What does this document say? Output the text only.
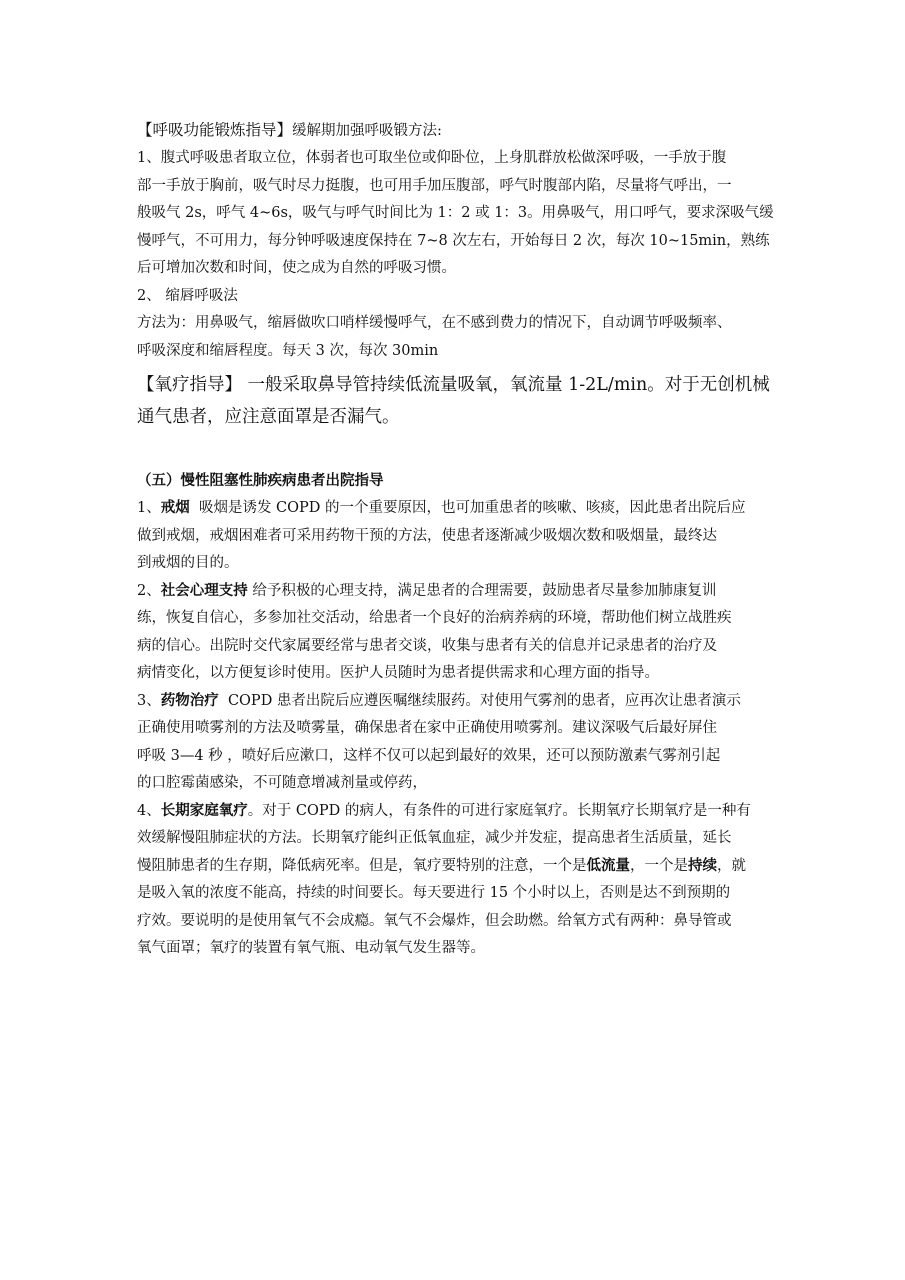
【呼吸功能锻炼指导】缓解期加强呼吸锻方法:
1、腹式呼吸患者取立位，体弱者也可取坐位或仰卧位，上身肌群放松做深呼吸，一手放于腹
部一手放于胸前，吸气时尽力挺腹，也可用手加压腹部，呼气时腹部内陷，尽量将气呼出，一
般吸气 2s，呼气 4~6s，吸气与呼气时间比为 1：2 或 1：3。用鼻吸气，用口呼气，要求深吸气缓
慢呼气，不可用力，每分钟呼吸速度保持在 7~8 次左右，开始每日 2 次，每次 10~15min，熟练
后可增加次数和时间，使之成为自然的呼吸习惯。
2、 缩唇呼吸法
方法为：用鼻吸气，缩唇做吹口哨样缓慢呼气，在不感到费力的情况下，自动调节呼吸频率、
呼吸深度和缩唇程度。每天 3 次，每次 30min
【氧疗指导】 一般采取鼻导管持续低流量吸氧，氧流量 1-2L/min。对于无创机械
通气患者，应注意面罩是否漏气。
（五）慢性阻塞性肺疾病患者出院指导
1、戒烟  吸烟是诱发 COPD 的一个重要原因，也可加重患者的咳嗽、咳痰，因此患者出院后应
做到戒烟，戒烟困难者可采用药物干预的方法，使患者逐渐减少吸烟次数和吸烟量，最终达
到戒烟的目的。
2、社会心理支持 给予积极的心理支持，满足患者的合理需要，鼓励患者尽量参加肺康复训
练，恢复自信心，多参加社交活动，给患者一个良好的治病养病的环境，帮助他们树立战胜疾
病的信心。出院时交代家属要经常与患者交谈，收集与患者有关的信息并记录患者的治疗及
病情变化，以方便复诊时使用。医护人员随时为患者提供需求和心理方面的指导。
3、药物治疗  COPD 患者出院后应遵医嘱继续服药。对使用气雾剂的患者，应再次让患者演示
正确使用喷雾剂的方法及喷雾量，确保患者在家中正确使用喷雾剂。建议深吸气后最好屏住
呼吸 3—4 秒 ，喷好后应漱口，这样不仅可以起到最好的效果，还可以预防激素气雾剂引起
的口腔霉菌感染，不可随意增减剂量或停药，
4、长期家庭氧疗。对于 COPD 的病人，有条件的可进行家庭氧疗。长期氧疗长期氧疗是一种有
效缓解慢阻肺症状的方法。长期氧疗能纠正低氧血症，减少并发症，提高患者生活质量，延长
慢阻肺患者的生存期，降低病死率。但是，氧疗要特别的注意，一个是低流量，一个是持续，就
是吸入氧的浓度不能高，持续的时间要长。每天要进行 15 个小时以上，否则是达不到预期的
疗效。要说明的是使用氧气不会成瘾。氧气不会爆炸，但会助燃。给氧方式有两种：鼻导管或
氧气面罩；氧疗的装置有氧气瓶、电动氧气发生器等。
